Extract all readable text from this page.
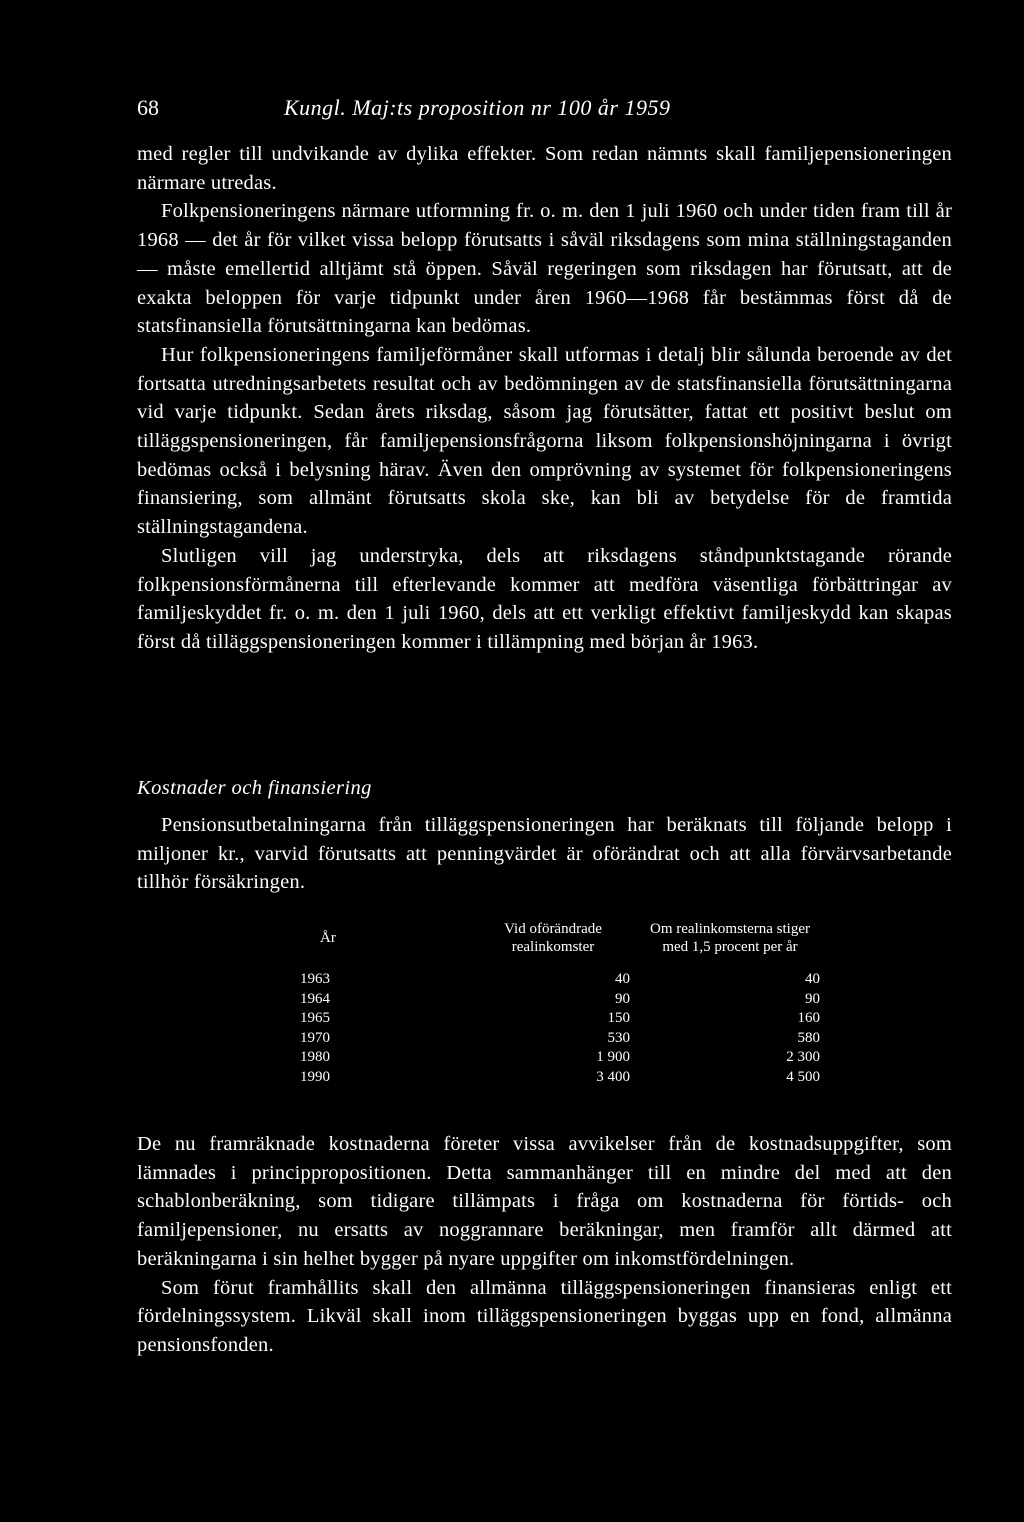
68	Kungl. Maj:ts proposition nr 100 år 1959

med regler till undvikande av dylika effekter. Som redan nämnts skall familjepensioneringen närmare utredas.

Folkpensioneringens närmare utformning fr. o. m. den 1 juli 1960 och under tiden fram till år 1968 — det år för vilket vissa belopp förutsatts i såväl riksdagens som mina ställningstaganden — måste emellertid alltjämt stå öppen. Såväl regeringen som riksdagen har förutsatt, att de exakta beloppen för varje tidpunkt under åren 1960—1968 får bestämmas först då de statsfinansiella förutsättningarna kan bedömas.

Hur folkpensioneringens familjeförmåner skall utformas i detalj blir sålunda beroende av det fortsatta utredningsarbetets resultat och av bedömningen av de statsfinansiella förutsättningarna vid varje tidpunkt. Sedan årets riksdag, såsom jag förutsätter, fattat ett positivt beslut om tilläggspensioneringen, får familjepensionsfrågorna liksom folkpensionshöjningarna i övrigt bedömas också i belysning härav. Även den omprövning av systemet för folkpensioneringens finansiering, som allmänt förutsatts skola ske, kan bli av betydelse för de framtida ställningstagandena.

Slutligen vill jag understryka, dels att riksdagens ståndpunktstagande rörande folkpensionsförmånerna till efterlevande kommer att medföra väsentliga förbättringar av familjeskyddet fr. o. m. den 1 juli 1960, dels att ett verkligt effektivt familjeskydd kan skapas först då tilläggspensioneringen kommer i tillämpning med början år 1963.

Kostnader och finansiering

Pensionsutbetalningarna från tilläggspensioneringen har beräknats till följande belopp i miljoner kr., varvid förutsatts att penningvärdet är oförändrat och att alla förvärvsarbetande tillhör försäkringen.

År	Vid oförändrade realinkomster	Om realinkomsterna stiger med 1,5 procent per år

1963	40	40
1964	90	90
1965	150	160
1970	530	580
1980	1 900	2 300
1990	3 400	4 500

De nu framräknade kostnaderna företer vissa avvikelser från de kostnadsuppgifter, som lämnades i princippropositionen. Detta sammanhänger till en mindre del med att den schablonberäkning, som tidigare tillämpats i fråga om kostnaderna för förtids- och familjepensioner, nu ersatts av noggrannare beräkningar, men framför allt därmed att beräkningarna i sin helhet bygger på nyare uppgifter om inkomstfördelningen.

Som förut framhållits skall den allmänna tilläggspensioneringen finansieras enligt ett fördelningssystem. Likväl skall inom tilläggspensioneringen byggas upp en fond, allmänna pensionsfonden.
